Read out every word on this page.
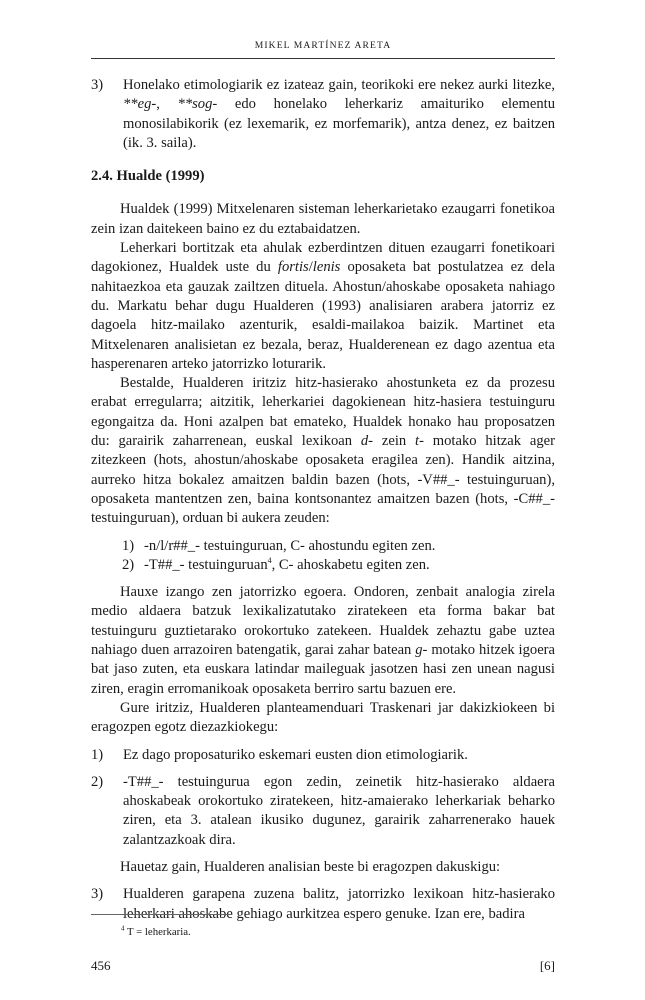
MIKEL MARTÍNEZ ARETA
3)	Honelako etimologiarik ez izateaz gain, teorikoki ere nekez aurki litezke, **eg-, **sog- edo honelako leherkariz amaituriko elementu monosilabikorik (ez lexemarik, ez morfemarik), antza denez, ez baitzen (ik. 3. saila).

2.4. Hualde (1999)

Hualdek (1999) Mitxelenaren sisteman leherkarietako ezaugarri fonetikoa zein izan daitekeen baino ez du eztabaidatzen.

Leherkari bortitzak eta ahulak ezberdintzen dituen ezaugarri fonetikoari dagokionez, Hualdek uste du fortis/lenis oposaketa bat postulatzea ez dela nahitaezkoa eta gauzak zailtzen dituela. Ahostun/ahoskabe oposaketa nahiago du. Markatu behar dugu Hualderen (1993) analisiaren arabera jatorriz ez dagoela hitz-mailako azenturik, esaldi-mailakoa baizik. Martinet eta Mitxelenaren analisietan ez bezala, beraz, Hualderenean ez dago azentua eta hasperenaren arteko jatorrizko loturarik.

Bestalde, Hualderen iritziz hitz-hasierako ahostunketa ez da prozesu erabat erregularra; aitzitik, leherkariei dagokienean hitz-hasiera testuinguru egongaitza da. Honi azalpen bat emateko, Hualdek honako hau proposatzen du: garairik zaharrenean, euskal lexikoan d- zein t- motako hitzak ager zitezkeen (hots, ahostun/ahoskabe oposaketa eragilea zen). Handik aitzina, aurreko hitza bokalez amaitzen baldin bazen (hots, -V##_- testuinguruan), oposaketa mantentzen zen, baina kontsonantez amaitzen bazen (hots, -C##_- testuinguruan), orduan bi aukera zeuden:

1) -n/l/r##_- testuinguruan, C- ahostundu egiten zen.
2) -T##_- testuinguruan$^4$, C- ahoskabetu egiten zen.

Hauxe izango zen jatorrizko egoera. Ondoren, zenbait analogia zirela medio aldaera batzuk lexikalizatutako ziratekeen eta forma bakar bat testuinguru guztietarako orokortuko zatekeen. Hualdek zehaztu gabe uztea nahiago duen arrazoiren batengatik, garai zahar batean g- motako hitzek igoera bat jaso zuten, eta euskara latindar maileguak jasotzen hasi zen unean nagusi ziren, eragin erromanikoak oposaketa berriro sartu bazuen ere.

Gure iritziz, Hualderen planteamenduari Traskenari jar dakizkiokeen bi eragozpen egotz diezazkiokegu:

1)	Ez dago proposaturiko eskemari eusten dion etimologiarik.
2)	-T##_- testuingurua egon zedin, zeinetik hitz-hasierako aldaera ahoskabeak orokortuko ziratekeen, hitz-amaierako leherkariak beharko ziren, eta 3. atalean ikusiko dugunez, garairik zaharrenerako hauek zalantzazkoak dira.

Hauetaz gain, Hualderen analisian beste bi eragozpen dakuskigu:

3)	Hualderen garapena zuzena balitz, jatorrizko lexikoan hitz-hasierako leherkari ahoskabe gehiago aurkitzea espero genuke. Izan ere, badira
$^4$ T = leherkaria.
456	[6]
